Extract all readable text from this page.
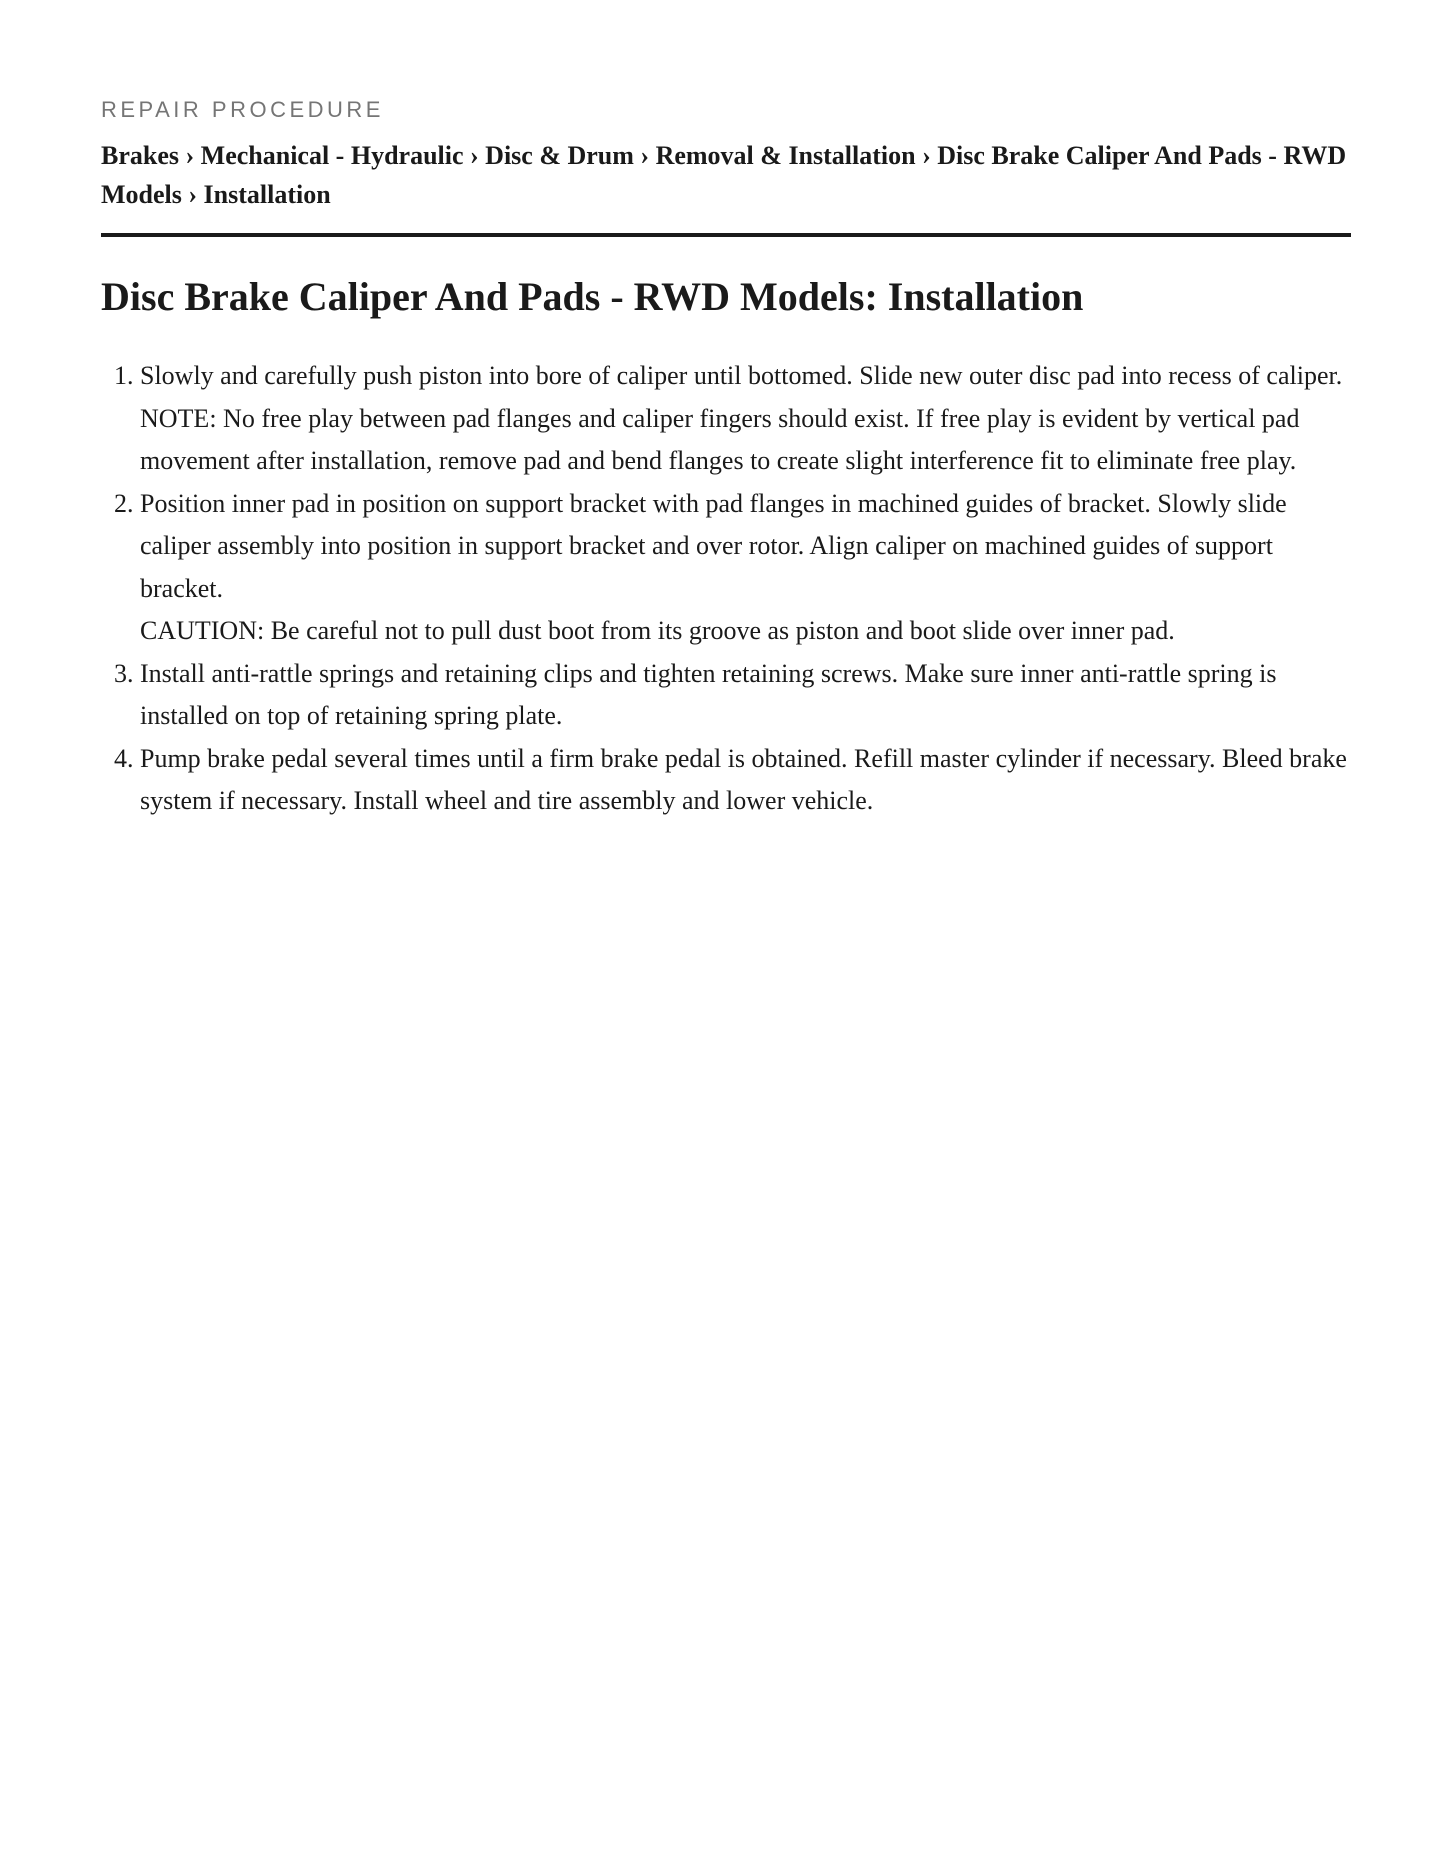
REPAIR PROCEDURE
Brakes › Mechanical - Hydraulic › Disc & Drum › Removal & Installation › Disc Brake Caliper And Pads - RWD Models › Installation
Disc Brake Caliper And Pads - RWD Models: Installation
1. Slowly and carefully push piston into bore of caliper until bottomed. Slide new outer disc pad into recess of caliper.
NOTE: No free play between pad flanges and caliper fingers should exist. If free play is evident by vertical pad movement after installation, remove pad and bend flanges to create slight interference fit to eliminate free play.
2. Position inner pad in position on support bracket with pad flanges in machined guides of bracket. Slowly slide caliper assembly into position in support bracket and over rotor. Align caliper on machined guides of support bracket.
CAUTION: Be careful not to pull dust boot from its groove as piston and boot slide over inner pad.
3. Install anti-rattle springs and retaining clips and tighten retaining screws. Make sure inner anti-rattle spring is installed on top of retaining spring plate.
4. Pump brake pedal several times until a firm brake pedal is obtained. Refill master cylinder if necessary. Bleed brake system if necessary. Install wheel and tire assembly and lower vehicle.
